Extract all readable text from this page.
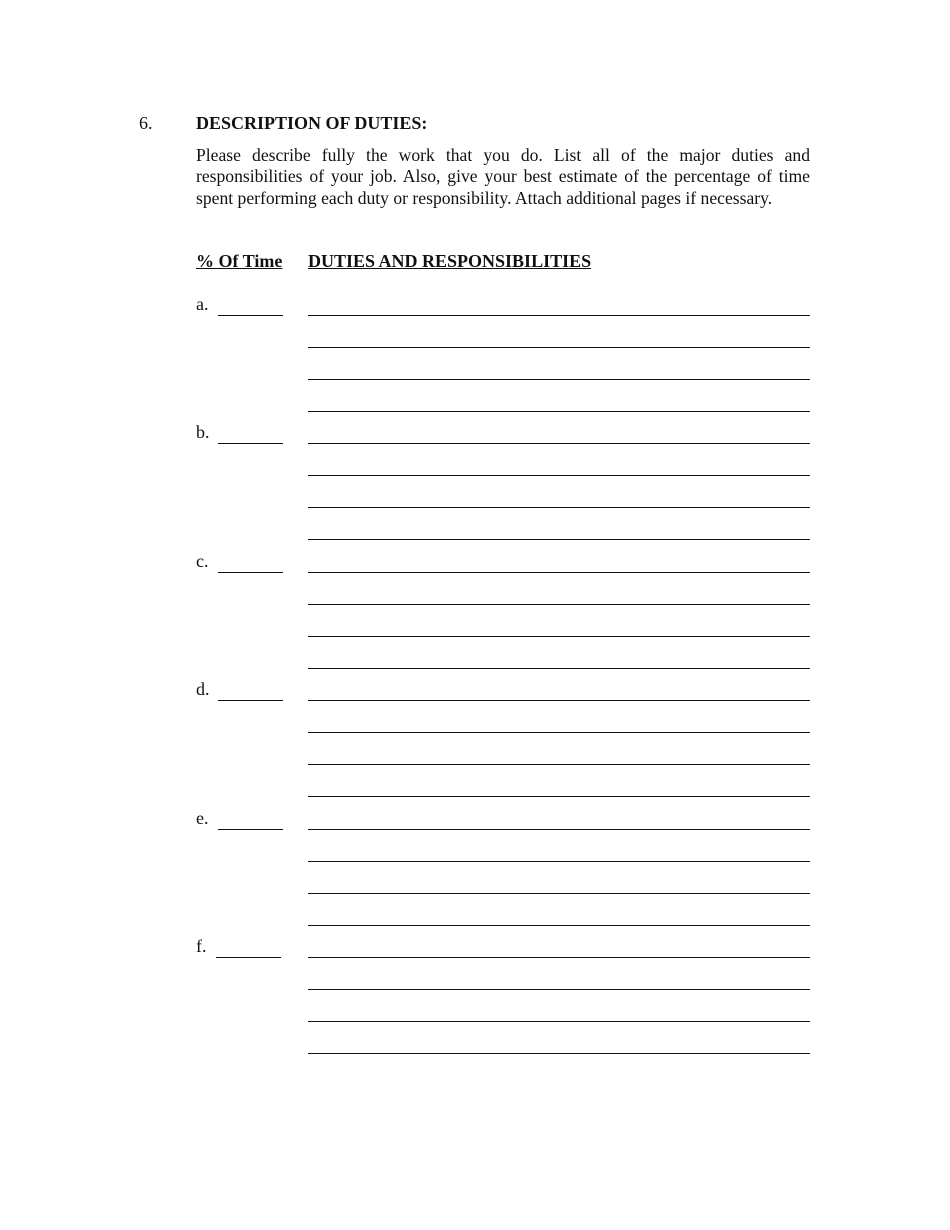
6. DESCRIPTION OF DUTIES:

Please describe fully the work that you do. List all of the major duties and responsibilities of your job. Also, give your best estimate of the percentage of time spent performing each duty or responsibility. Attach additional pages if necessary.

% Of Time DUTIES AND RESPONSIBILITIES
a.
b.
c.
d.
e.
f.
